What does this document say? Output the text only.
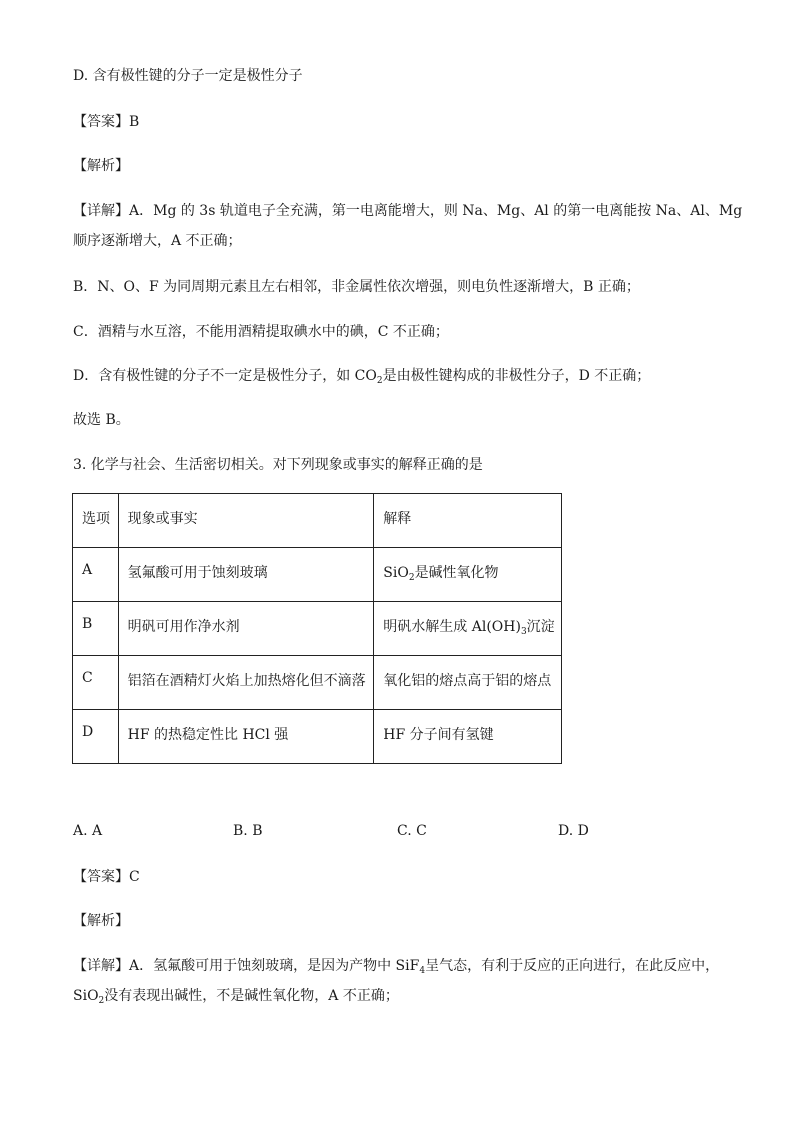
D. 含有极性键的分子一定是极性分子
【答案】B
【解析】
【详解】A．Mg 的 3s 轨道电子全充满，第一电离能增大，则 Na、Mg、Al 的第一电离能按 Na、Al、Mg
顺序逐渐增大，A 不正确；
B．N、O、F 为同周期元素且左右相邻，非金属性依次增强，则电负性逐渐增大，B 正确；
C．酒精与水互溶，不能用酒精提取碘水中的碘，C 不正确；
D．含有极性键的分子不一定是极性分子，如 $CO_2$是由极性键构成的非极性分子，D 不正确；
故选 B。
3. 化学与社会、生活密切相关。对下列现象或事实的解释正确的是
选项	现象或事实	解释
A	氢氟酸可用于蚀刻玻璃	SiO$_2$是碱性氧化物
B	明矾可用作净水剂	明矾水解生成 $Al(OH)_3$沉淀
C	铝箔在酒精灯火焰上加热熔化但不滴落	氧化铝的熔点高于铝的熔点
D	HF 的热稳定性比 HCl 强	HF 分子间有氢键
A. A	B. B	C. C	D. D
【答案】C
【解析】
【详解】A．氢氟酸可用于蚀刻玻璃，是因为产物中 SiF$_4$呈气态，有利于反应的正向进行，在此反应中，
SiO$_2$没有表现出碱性，不是碱性氧化物，A 不正确；
